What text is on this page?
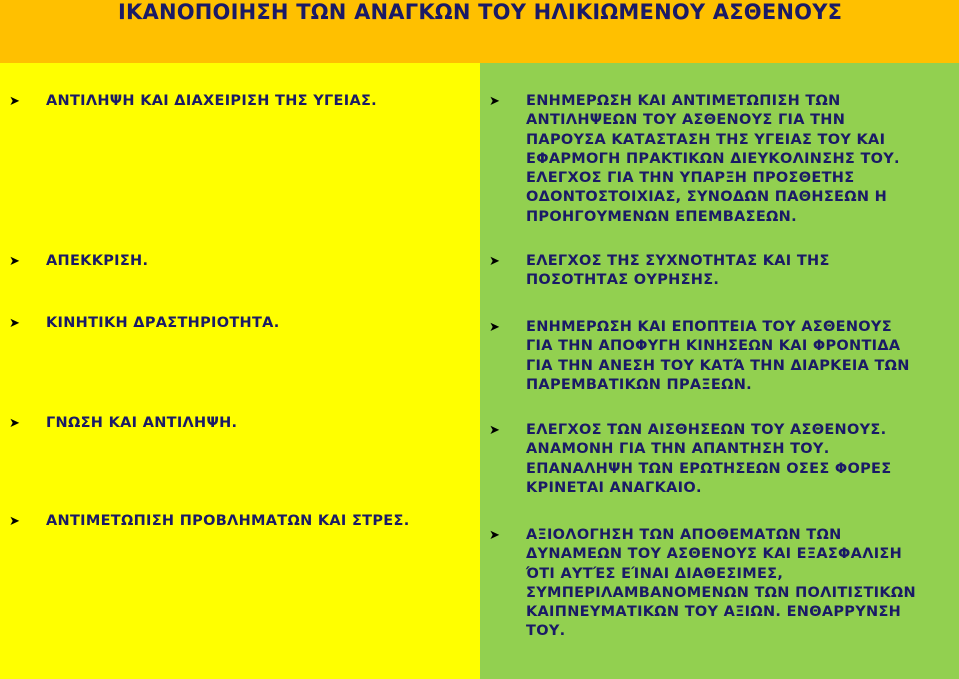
ΙΚΑΝΟΠΟΙΗΣΗ ΤΩΝ ΑΝΑΓΚΩΝ ΤΟΥ ΗΛΙΚΙΩΜΕΝΟΥ ΑΣΘΕΝΟΥΣ
➤ ΑΝΤΙΛΗΨΗ ΚΑΙ ΔΙΑΧΕΙΡΙΣΗ ΤΗΣ ΥΓΕΙΑΣ.
➤ ΑΠΕΚΚΡΙΣΗ.
➤ ΚΙΝΗΤΙΚΗ ΔΡΑΣΤΗΡΙΟΤΗΤΑ.
➤ ΓΝΩΣΗ ΚΑΙ ΑΝΤΙΛΗΨΗ.
➤ ΑΝΤΙΜΕΤΩΠΙΣΗ ΠΡΟΒΛΗΜΑΤΩΝ ΚΑΙ ΣΤΡΕΣ.
➤ ΕΝΗΜΕΡΩΣΗ ΚΑΙ ΑΝΤΙΜΕΤΩΠΙΣΗ ΤΩΝ
ΑΝΤΙΛΗΨΕΩΝ ΤΟΥ ΑΣΘΕΝΟΥΣ ΓΙΑ ΤΗΝ
ΠΑΡΟΥΣΑ ΚΑΤΑΣΤΑΣΗ ΤΗΣ ΥΓΕΙΑΣ ΤΟΥ ΚΑΙ
ΕΦΑΡΜΟΓΗ ΠΡΑΚΤΙΚΩΝ ΔΙΕΥΚΟΛΙΝΣΗΣ ΤΟΥ.
ΕΛΕΓΧΟΣ ΓΙΑ ΤΗΝ ΥΠΑΡΞΗ ΠΡΟΣΘΕΤΗΣ
ΟΔΟΝΤΟΣΤΟΙΧΙΑΣ, ΣΥΝΟΔΩΝ ΠΑΘΗΣΕΩΝ Η
ΠΡΟΗΓΟΥΜΕΝΩΝ ΕΠΕΜΒΑΣΕΩΝ.
➤ ΕΛΕΓΧΟΣ ΤΗΣ ΣΥΧΝΟΤΗΤΑΣ ΚΑΙ ΤΗΣ
ΠΟΣΟΤΗΤΑΣ ΟΥΡΗΣΗΣ.
➤ ΕΝΗΜΕΡΩΣΗ ΚΑΙ ΕΠΟΠΤΕΙΑ ΤΟΥ ΑΣΘΕΝΟΥΣ
ΓΙΑ ΤΗΝ ΑΠΟΦΥΓΗ ΚΙΝΗΣΕΩΝ ΚΑΙ ΦΡΟΝΤΙΔΑ
ΓΙΑ ΤΗΝ ΑΝΕΣΗ ΤΟΥ ΚΑΤΆ ΤΗΝ ΔΙΑΡΚΕΙΑ ΤΩΝ
ΠΑΡΕΜΒΑΤΙΚΩΝ ΠΡΑΞΕΩΝ.
➤ ΕΛΕΓΧΟΣ ΤΩΝ ΑΙΣΘΗΣΕΩΝ ΤΟΥ ΑΣΘΕΝΟΥΣ.
ΑΝΑΜΟΝΗ ΓΙΑ ΤΗΝ ΑΠΑΝΤΗΣΗ ΤΟΥ.
ΕΠΑΝΑΛΗΨΗ ΤΩΝ ΕΡΩΤΗΣΕΩΝ ΟΣΕΣ ΦΟΡΕΣ
ΚΡΙΝΕΤΑΙ ΑΝΑΓΚΑΙΟ.
➤ ΑΞΙΟΛΟΓΗΣΗ ΤΩΝ ΑΠΟΘΕΜΑΤΩΝ ΤΩΝ
ΔΥΝΑΜΕΩΝ ΤΟΥ ΑΣΘΕΝΟΥΣ ΚΑΙ ΕΞΑΣΦΑΛΙΣΗ
ΌΤΙ ΑΥΤΈΣ ΕΊΝΑΙ ΔΙΑΘΕΣΙΜΕΣ,
ΣΥΜΠΕΡΙΛΑΜΒΑΝΟΜΕΝΩΝ ΤΩΝ ΠΟΛΙΤΙΣΤΙΚΩΝ
ΚΑΙΠΝΕΥΜΑΤΙΚΩΝ ΤΟΥ ΑΞΙΩΝ. ΕΝΘΑΡΡΥΝΣΗ
ΤΟΥ.
